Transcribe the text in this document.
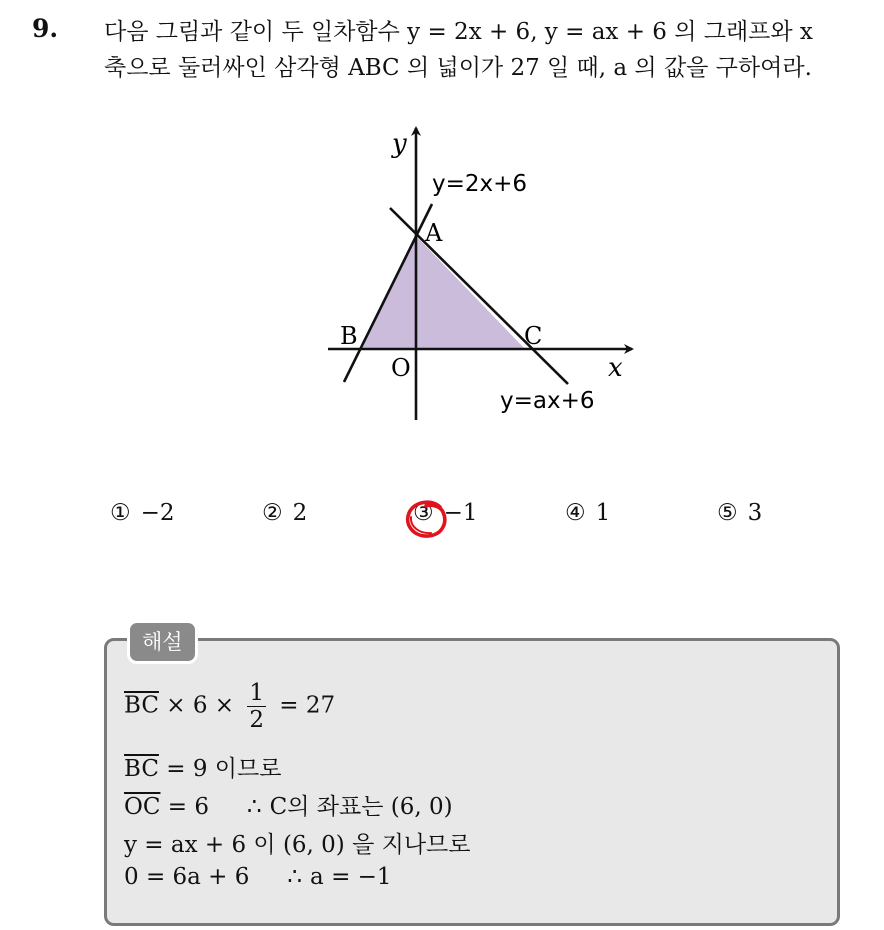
9. 다음 그림과 같이 두 일차함수 y = 2x + 6, y = ax + 6 의 그래프와 x
축으로 둘러싸인 삼각형 ABC 의 넓이가 27 일 때, a 의 값을 구하여라.
y
x
O
A
B	C
y=2x+6
y=ax+6
① −2	② 2	③ −1	④ 1	⑤ 3
해설
$\overline{BC} \times 6 \times \frac{1}{2} = 27$
$\overline{BC} = 9$ 이므로
$\overline{OC} = 6$ ∴ C의 좌표는 (6, 0)
y = ax + 6 이 (6, 0) 을 지나므로
0 = 6a + 6 ∴ a = −1
